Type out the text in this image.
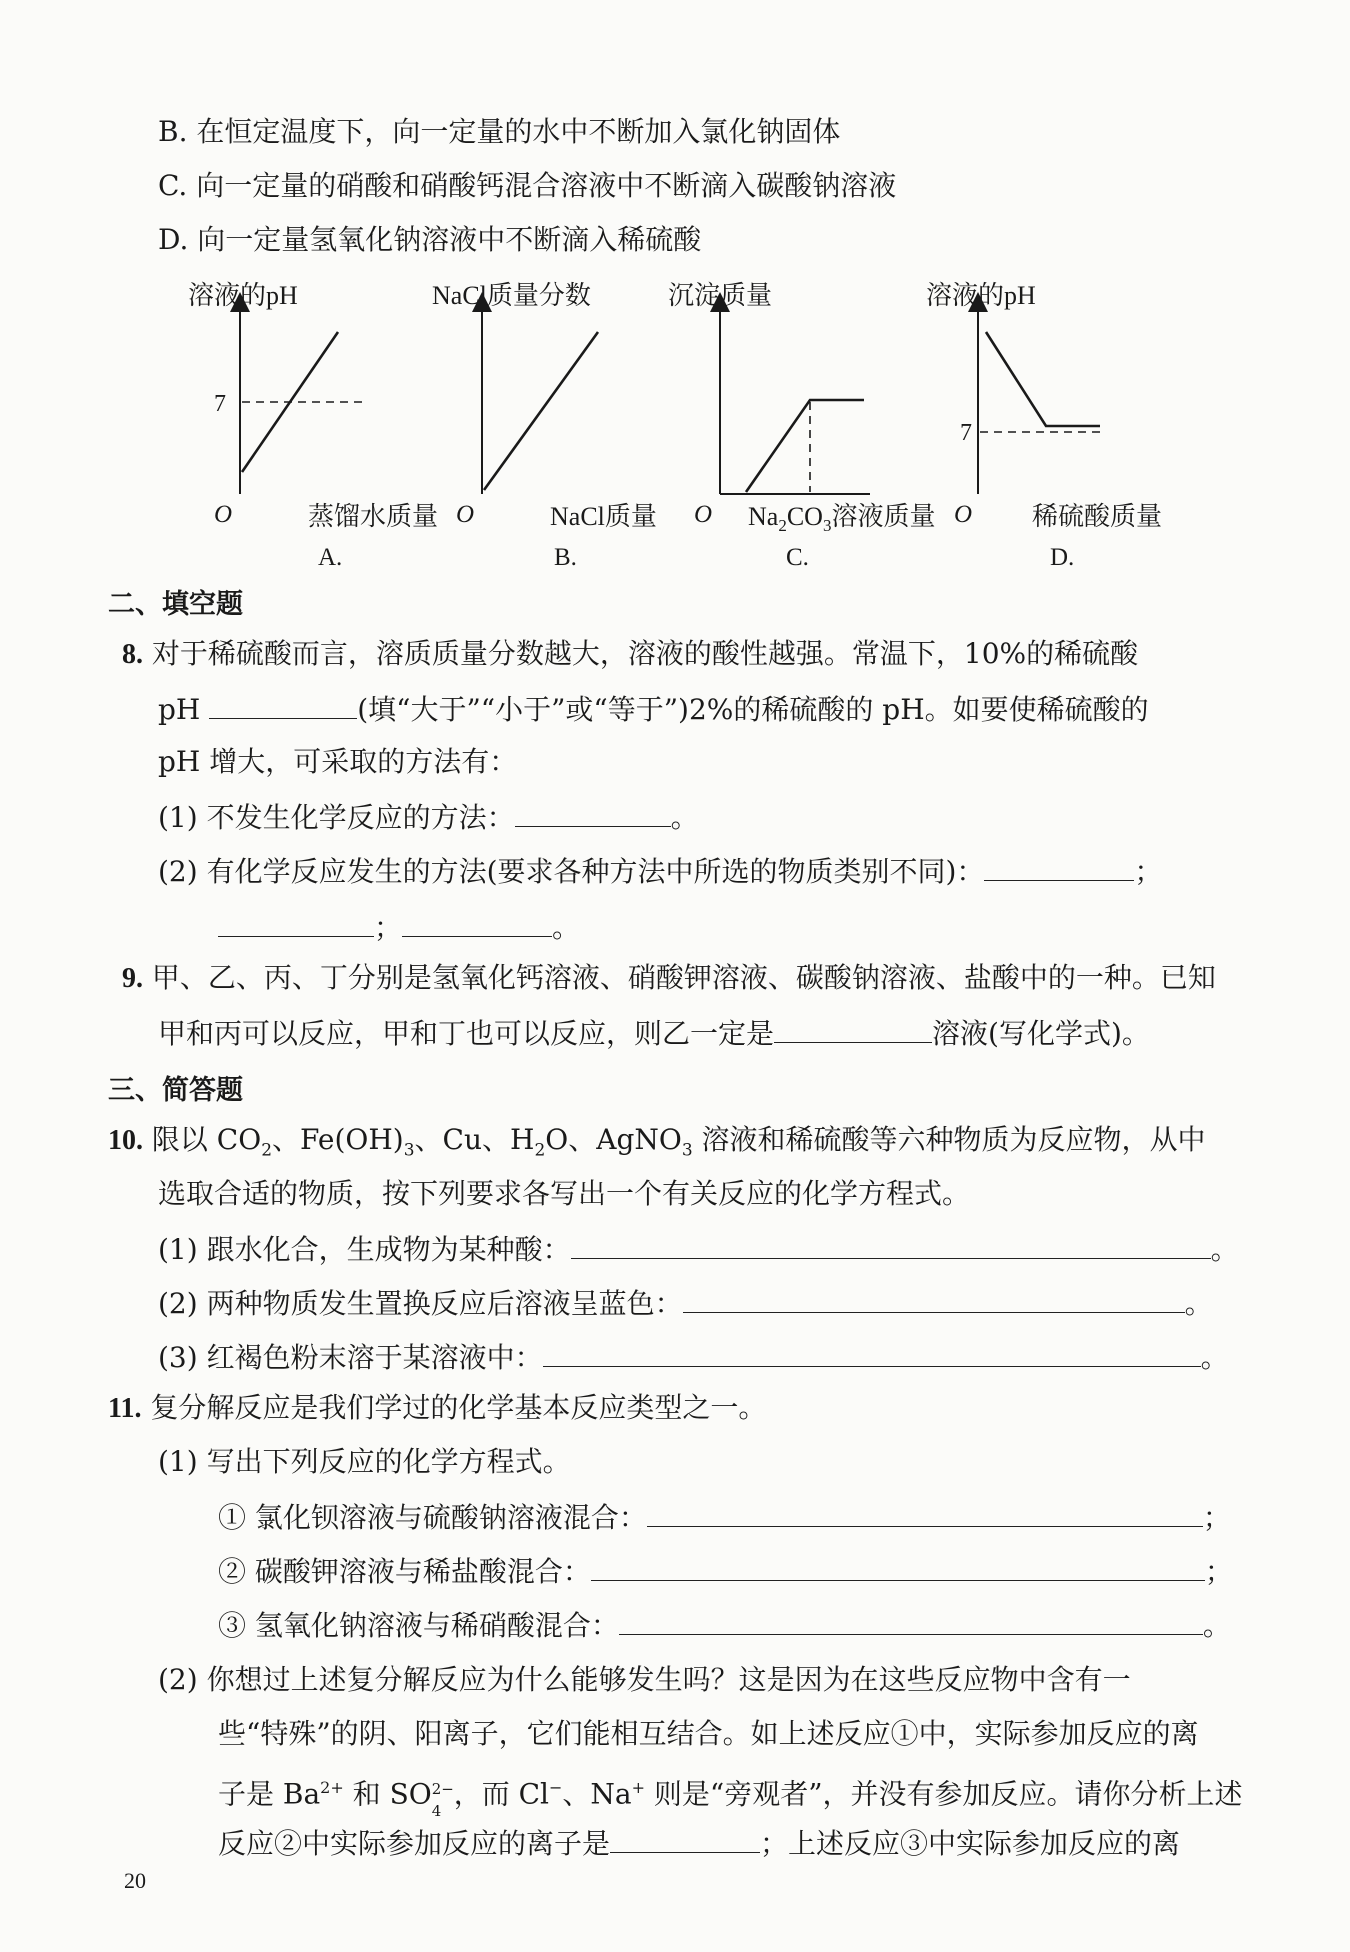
B. 在恒定温度下，向一定量的水中不断加入氯化钠固体
C. 向一定量的硝酸和硝酸钙混合溶液中不断滴入碳酸钠溶液
D. 向一定量氢氧化钠溶液中不断滴入稀硫酸
7
溶液的pH
O	蒸馏水质量
A.
NaCl质量分数
O	NaCl质量
B.
沉淀质量
O $Na_2CO_3$溶液质量
C.
7
溶液的pH
O 稀硫酸质量
D.
二、填空题
8. 对于稀硫酸而言，溶质质量分数越大，溶液的酸性越强。常温下，10%的稀硫酸
pH	(填“大于”“小于”或“等于”)2%的稀硫酸的 pH。如要使稀硫酸的
pH 增大，可采取的方法有：
(1) 不发生化学反应的方法：	。
(2) 有化学反应发生的方法(要求各种方法中所选的物质类别不同)：	；
；	。
9. 甲、乙、丙、丁分别是氢氧化钙溶液、硝酸钾溶液、碳酸钠溶液、盐酸中的一种。已知
甲和丙可以反应，甲和丁也可以反应，则乙一定是	溶液(写化学式)。
三、简答题
10. 限以 $CO_2$、$Fe(OH)_3$、Cu、$H_2O$、AgNO$_3$ 溶液和稀硫酸等六种物质为反应物，从中
选取合适的物质，按下列要求各写出一个有关反应的化学方程式。
(1) 跟水化合，生成物为某种酸：	。
(2) 两种物质发生置换反应后溶液呈蓝色：	。
(3) 红褐色粉末溶于某溶液中：	。
11. 复分解反应是我们学过的化学基本反应类型之一。
(1) 写出下列反应的化学方程式。
① 氯化钡溶液与硫酸钠溶液混合：	；
② 碳酸钾溶液与稀盐酸混合：	；
③ 氢氧化钠溶液与稀硝酸混合：	。
(2) 你想过上述复分解反应为什么能够发生吗？这是因为在这些反应物中含有一
些“特殊”的阴、阳离子，它们能相互结合。如上述反应①中，实际参加反应的离
子是 $Ba^{2+}$ 和 SO 2−
4
，而 Cl−、Na+ 则是“旁观者”，并没有参加反应。请你分析上述
反应②中实际参加反应的离子是	；上述反应③中实际参加反应的离
20
